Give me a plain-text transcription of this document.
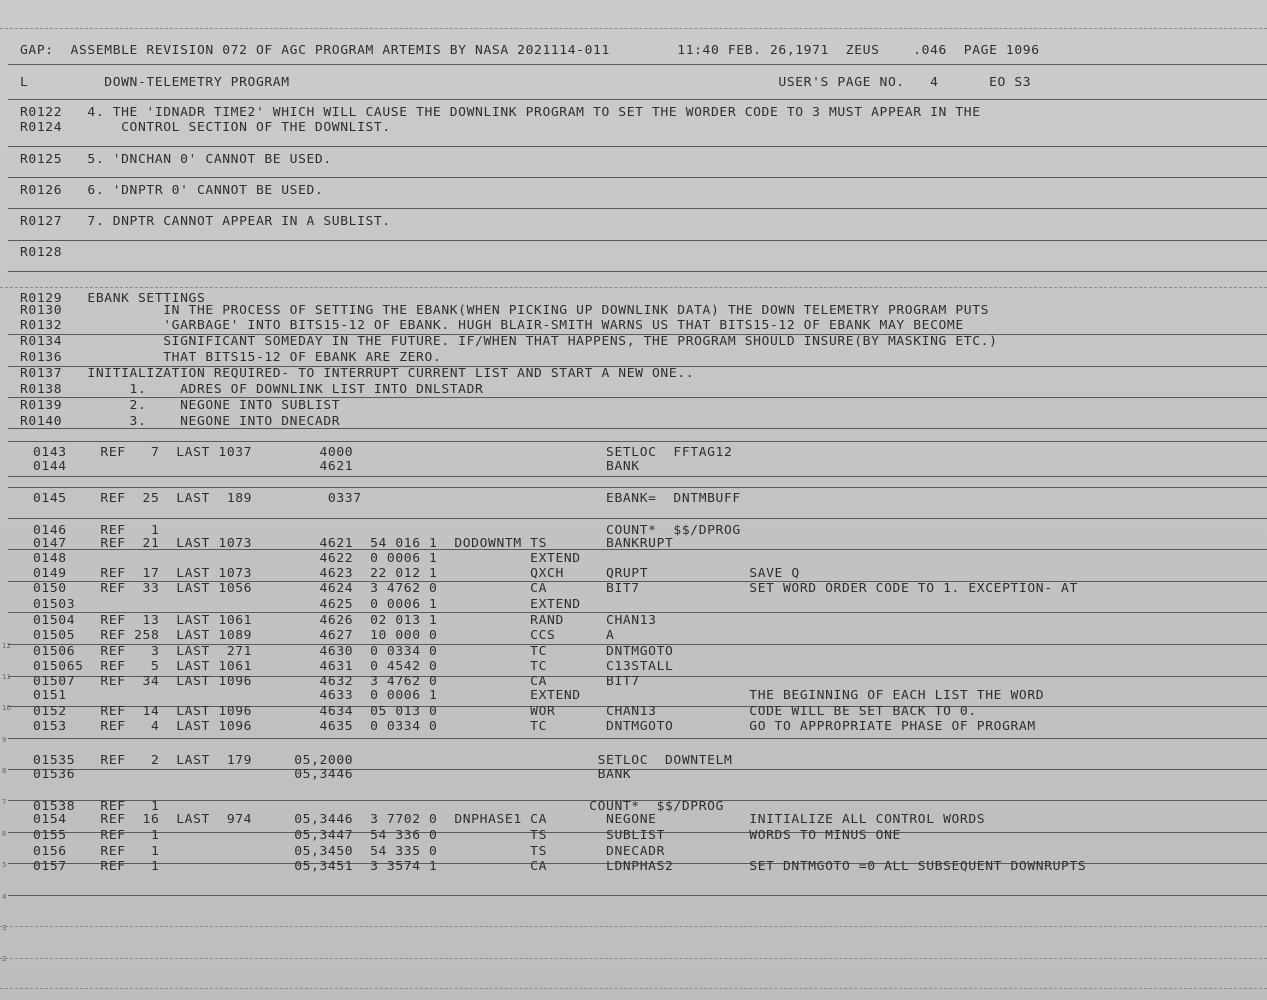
12
11
10
9
8
7
6
5
4
3
2
GAP:  ASSEMBLE REVISION 072 OF AGC PROGRAM ARTEMIS BY NASA 2021114-011        11:40 FEB. 26,1971  ZEUS    .046  PAGE 1096
L         DOWN-TELEMETRY PROGRAM                                                          USER'S PAGE NO.   4      EO S3
R0122   4. THE 'IDNADR TIME2' WHICH WILL CAUSE THE DOWNLINK PROGRAM TO SET THE WORDER CODE TO 3 MUST APPEAR IN THE
R0124       CONTROL SECTION OF THE DOWNLIST.
R0125   5. 'DNCHAN 0' CANNOT BE USED.
R0126   6. 'DNPTR 0' CANNOT BE USED.
R0127   7. DNPTR CANNOT APPEAR IN A SUBLIST.
R0128
R0129   EBANK SETTINGS
R0130            IN THE PROCESS OF SETTING THE EBANK(WHEN PICKING UP DOWNLINK DATA) THE DOWN TELEMETRY PROGRAM PUTS
R0132            'GARBAGE' INTO BITS15-12 OF EBANK. HUGH BLAIR-SMITH WARNS US THAT BITS15-12 OF EBANK MAY BECOME
R0134            SIGNIFICANT SOMEDAY IN THE FUTURE. IF/WHEN THAT HAPPENS, THE PROGRAM SHOULD INSURE(BY MASKING ETC.)
R0136            THAT BITS15-12 OF EBANK ARE ZERO.
R0137   INITIALIZATION REQUIRED- TO INTERRUPT CURRENT LIST AND START A NEW ONE..
R0138        1.    ADRES OF DOWNLINK LIST INTO DNLSTADR
R0139        2.    NEGONE INTO SUBLIST
R0140        3.    NEGONE INTO DNECADR
0143    REF   7  LAST 1037        4000                              SETLOC  FFTAG12
0144                              4621                              BANK
0145    REF  25  LAST  189         0337                             EBANK=  DNTMBUFF
0146    REF   1                                                     COUNT*  $$/DPROG
0147    REF  21  LAST 1073        4621  54 016 1  DODOWNTM TS       BANKRUPT
0148                              4622  0 0006 1           EXTEND
0149    REF  17  LAST 1073        4623  22 012 1           QXCH     QRUPT            SAVE Q
0150    REF  33  LAST 1056        4624  3 4762 0           CA       BIT7             SET WORD ORDER CODE TO 1. EXCEPTION- AT
01503                             4625  0 0006 1           EXTEND
01504   REF  13  LAST 1061        4626  02 013 1           RAND     CHAN13
01505   REF 258  LAST 1089        4627  10 000 0           CCS      A
01506   REF   3  LAST  271        4630  0 0334 0           TC       DNTMGOTO
015065  REF   5  LAST 1061        4631  0 4542 0           TC       C13STALL
01507   REF  34  LAST 1096        4632  3 4762 0           CA       BIT7
0151                              4633  0 0006 1           EXTEND                    THE BEGINNING OF EACH LIST THE WORD
0152    REF  14  LAST 1096        4634  05 013 0           WOR      CHAN13           CODE WILL BE SET BACK TO 0.
0153    REF   4  LAST 1096        4635  0 0334 0           TC       DNTMGOTO         GO TO APPROPRIATE PHASE OF PROGRAM
01535   REF   2  LAST  179     05,2000                             SETLOC  DOWNTELM
01536                          05,3446                             BANK
01538   REF   1                                                   COUNT*  $$/DPROG
0154    REF  16  LAST  974     05,3446  3 7702 0  DNPHASE1 CA       NEGONE           INITIALIZE ALL CONTROL WORDS
0155    REF   1                05,3447  54 336 0           TS       SUBLIST          WORDS TO MINUS ONE
0156    REF   1                05,3450  54 335 0           TS       DNECADR
0157    REF   1                05,3451  3 3574 1           CA       LDNPHAS2         SET DNTMGOTO =0 ALL SUBSEQUENT DOWNRUPTS
